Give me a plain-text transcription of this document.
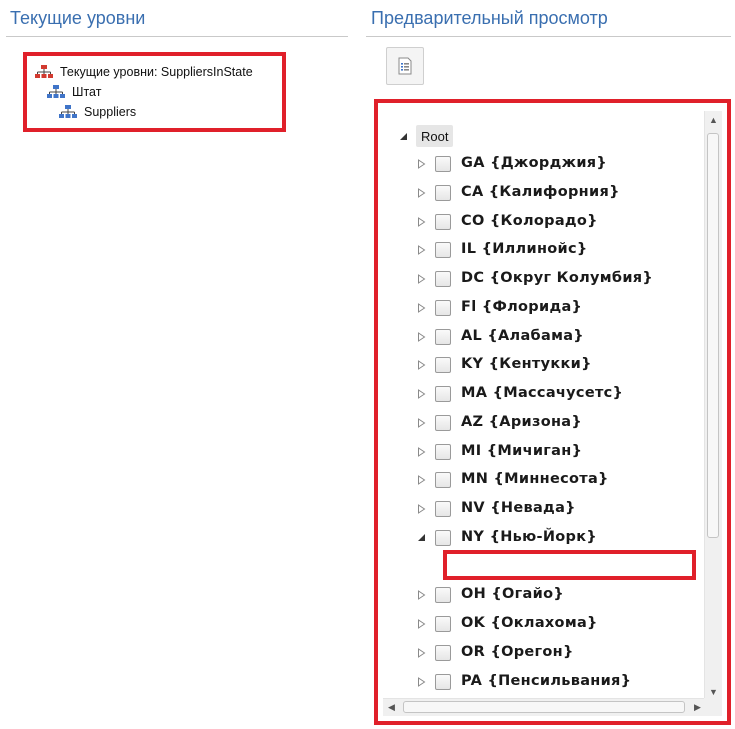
Текущие уровни
Текущие уровни: SuppliersInState
Штат
Suppliers
Предварительный просмотр
Root
GA {Джорджия}
CA {Калифорния}
CO {Колорадо}
IL {Иллинойс}
DC {Округ Колумбия}
Fl {Флорида}
AL {Алабама}
KY {Кентукки}
MA {Массачусетс}
AZ {Аризона}
MI {Мичиган}
MN {Миннесота}
NV {Невада}
NY {Нью-Йорк}
OH {Огайо}
OK {Оклахома}
OR {Орегон}
PA {Пенсильвания}
▲
▼
◀	▶
